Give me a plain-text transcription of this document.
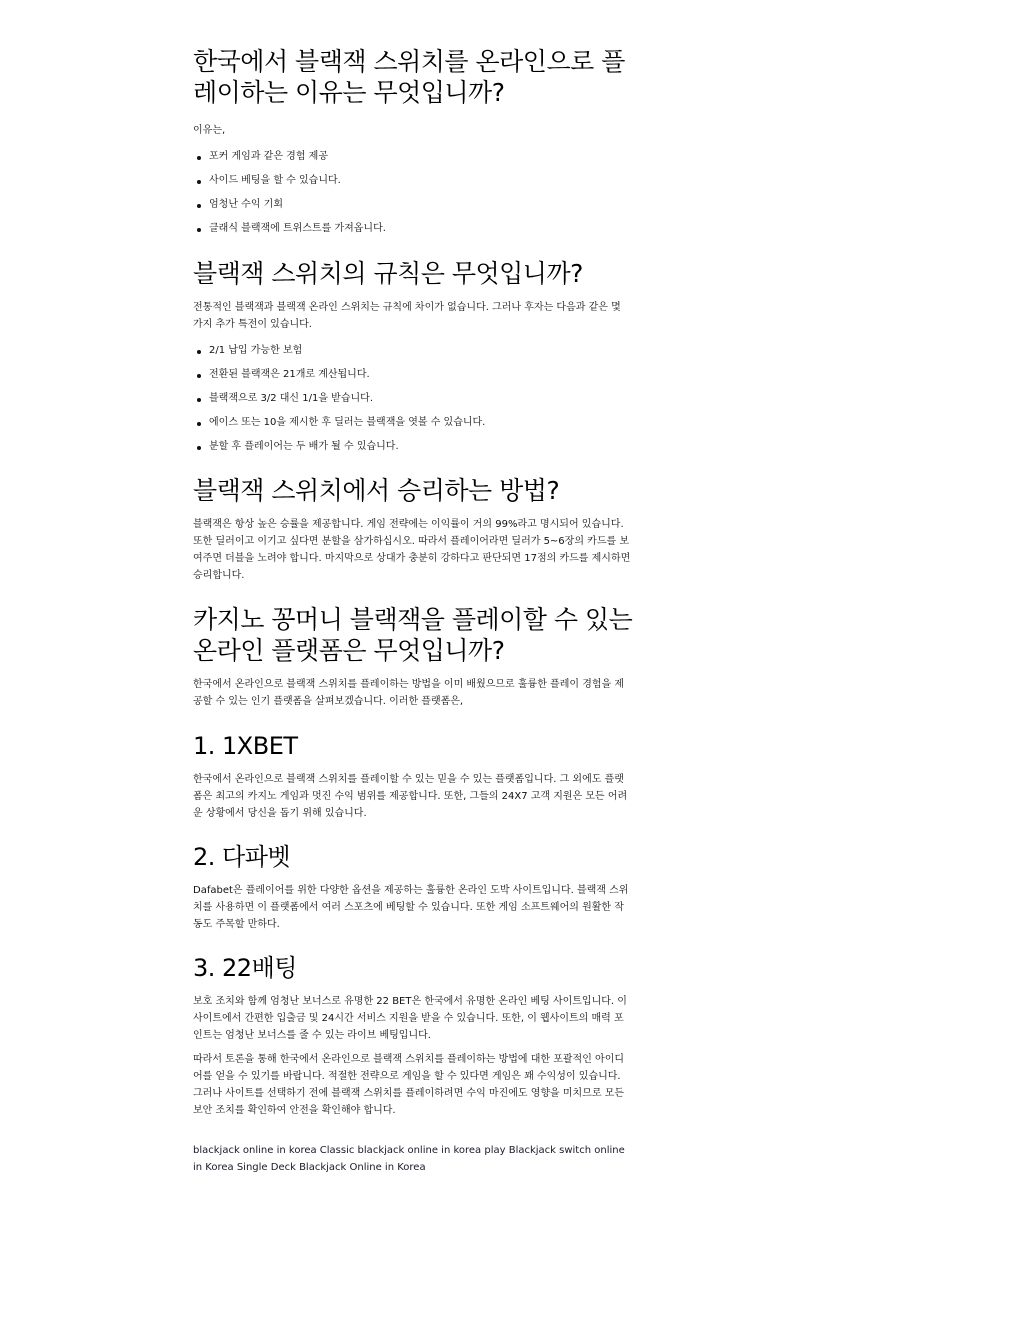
한국에서 블랙잭 스위치를 온라인으로 플레이하는 이유는 무엇입니까?

이유는,

포커 게임과 같은 경험 제공
사이드 베팅을 할 수 있습니다.
엄청난 수익 기회
클래식 블랙잭에 트위스트를 가져옵니다.
블랙잭 스위치의 규칙은 무엇입니까?

전통적인 블랙잭과 블랙잭 온라인 스위치는 규칙에 차이가 없습니다. 그러나 후자는 다음과 같은 몇 가지 추가 특전이 있습니다.

2/1 납입 가능한 보험
전환된 블랙잭은 21개로 계산됩니다.
블랙잭으로 3/2 대신 1/1을 받습니다.
에이스 또는 10을 제시한 후 딜러는 블랙잭을 엿볼 수 있습니다.
분할 후 플레이어는 두 배가 될 수 있습니다.
블랙잭 스위치에서 승리하는 방법?

블랙잭은 항상 높은 승률을 제공합니다. 게임 전략에는 이익률이 거의 99%라고 명시되어 있습니다. 또한 딜러이고 이기고 싶다면 분할을 삼가하십시오. 따라서 플레이어라면 딜러가 5~6장의 카드를 보여주면 더블을 노려야 합니다. 마지막으로 상대가 충분히 강하다고 판단되면 17점의 카드를 제시하면 승리합니다.

카지노 꽁머니 블랙잭을 플레이할 수 있는 온라인 플랫폼은 무엇입니까?

한국에서 온라인으로 블랙잭 스위치를 플레이하는 방법을 이미 배웠으므로 훌륭한 플레이 경험을 제공할 수 있는 인기 플랫폼을 살펴보겠습니다. 이러한 플랫폼은,

1. 1XBET

한국에서 온라인으로 블랙잭 스위치를 플레이할 수 있는 믿을 수 있는 플랫폼입니다. 그 외에도 플랫폼은 최고의 카지노 게임과 멋진 수익 범위를 제공합니다. 또한, 그들의 24X7 고객 지원은 모든 어려운 상황에서 당신을 돕기 위해 있습니다.

2. 다파벳

Dafabet은 플레이어를 위한 다양한 옵션을 제공하는 훌륭한 온라인 도박 사이트입니다. 블랙잭 스위치를 사용하면 이 플랫폼에서 여러 스포츠에 베팅할 수 있습니다. 또한 게임 소프트웨어의 원활한 작동도 주목할 만하다.

3. 22배팅

보호 조치와 함께 엄청난 보너스로 유명한 22 BET은 한국에서 유명한 온라인 베팅 사이트입니다. 이 사이트에서 간편한 입출금 및 24시간 서비스 지원을 받을 수 있습니다. 또한, 이 웹사이트의 매력 포인트는 엄청난 보너스를 줄 수 있는 라이브 베팅입니다.

따라서 토론을 통해 한국에서 온라인으로 블랙잭 스위치를 플레이하는 방법에 대한 포괄적인 아이디어를 얻을 수 있기를 바랍니다. 적절한 전략으로 게임을 할 수 있다면 게임은 꽤 수익성이 있습니다. 그러나 사이트를 선택하기 전에 블랙잭 스위치를 플레이하려면 수익 마진에도 영향을 미치므로 모든 보안 조치를 확인하여 안전을 확인해야 합니다.

blackjack online in korea Classic blackjack online in korea play Blackjack switch online in Korea Single Deck Blackjack Online in Korea
